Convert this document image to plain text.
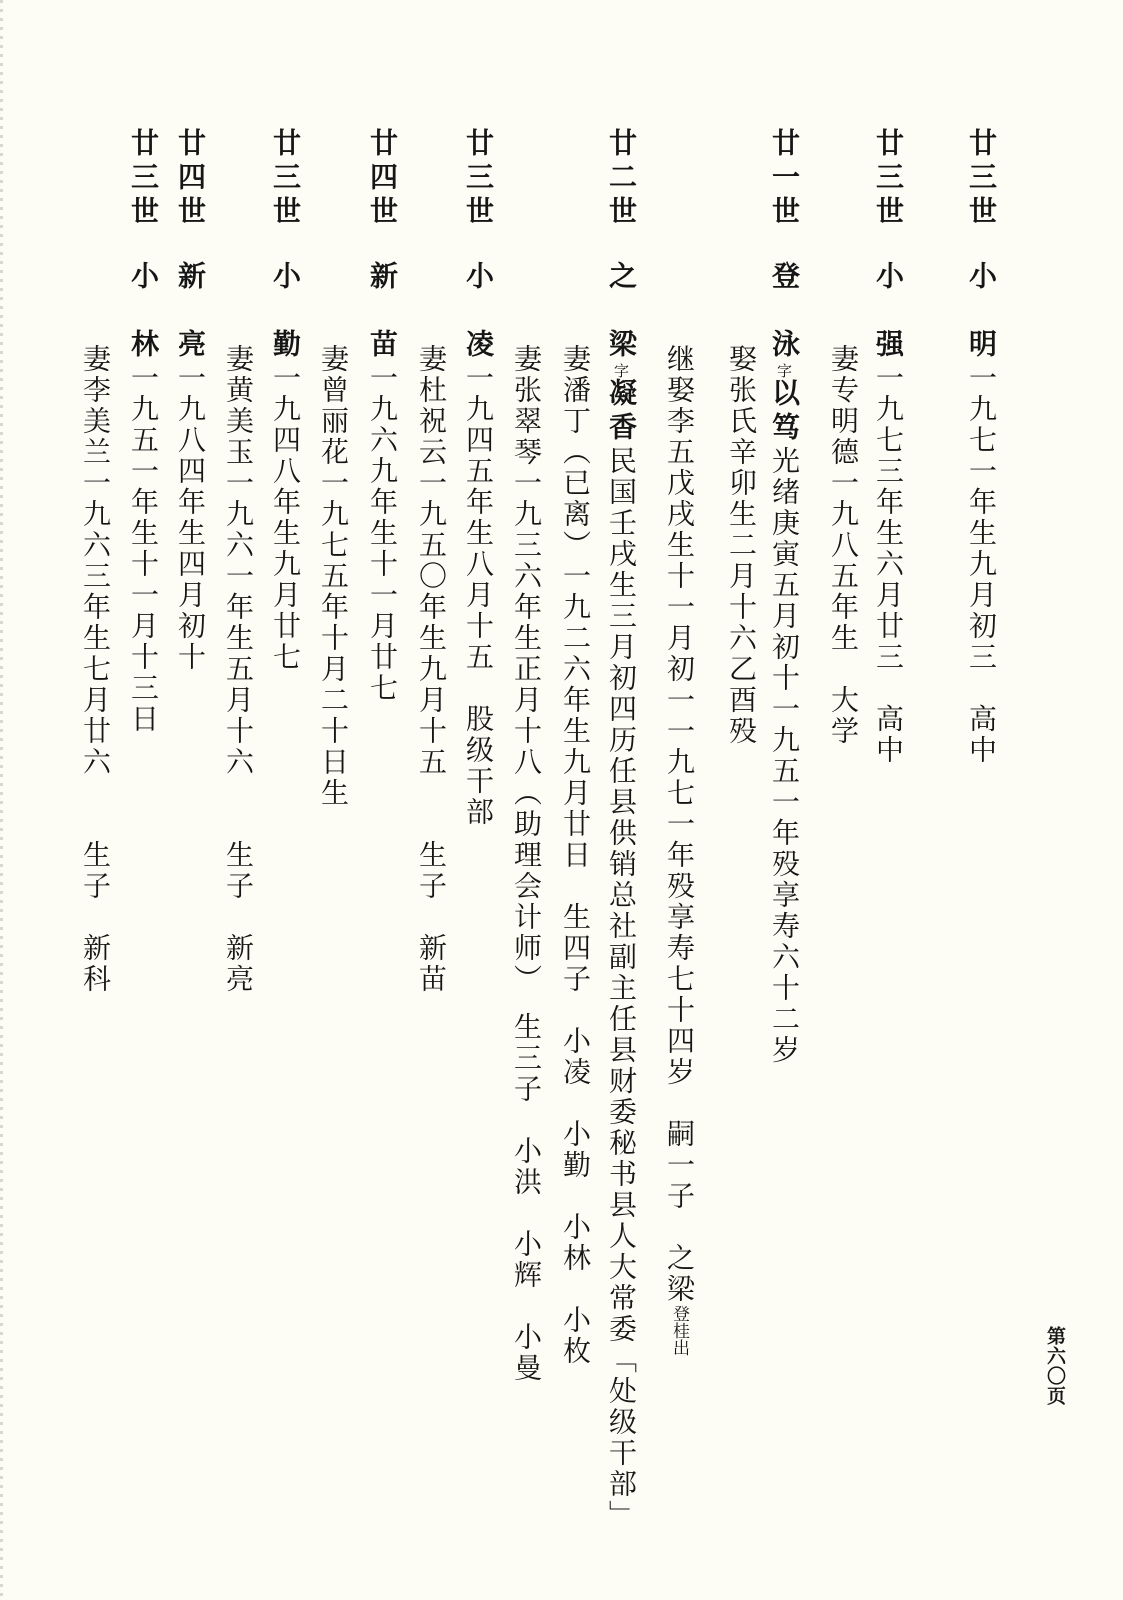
廿三世　小　明一九七一年生九月初三　高中
廿三世　小　强一九七三年生六月廿三　高中
妻专明德一九八五年生　大学
廿一世　登　泳字以笃光绪庚寅五月初十一九五一年殁享寿六十二岁
娶张氏辛卯生二月十六乙酉殁
继娶李五戊戌生十一月初一一九七一年殁享寿七十四岁　嗣一子　之梁登桂出
廿二世　之　梁字凝香民国壬戌生三月初四历任县供销总社副主任县财委秘书县人大常委「处级干部」
妻潘丁（已离）一九二六年生九月廿日　生四子　小凌　小勤　小林　小枚
妻张翠琴一九三六年生正月十八（助理会计师）　生三子　小洪　小辉　小曼
廿三世　小　凌一九四五年生八月十五　股级干部
妻杜祝云一九五〇年生九月十五　　生子　新苗
廿四世　新　苗一九六九年生十一月廿七
妻曾丽花一九七五年十月二十日生
廿三世　小　勤一九四八年生九月廿七
妻黄美玉一九六一年生五月十六　　生子　新亮
廿四世　新　亮一九八四年生四月初十
廿三世　小　林一九五一年生十一月十三日
妻李美兰一九六三年生七月廿六　　生子　新科
第六〇页
